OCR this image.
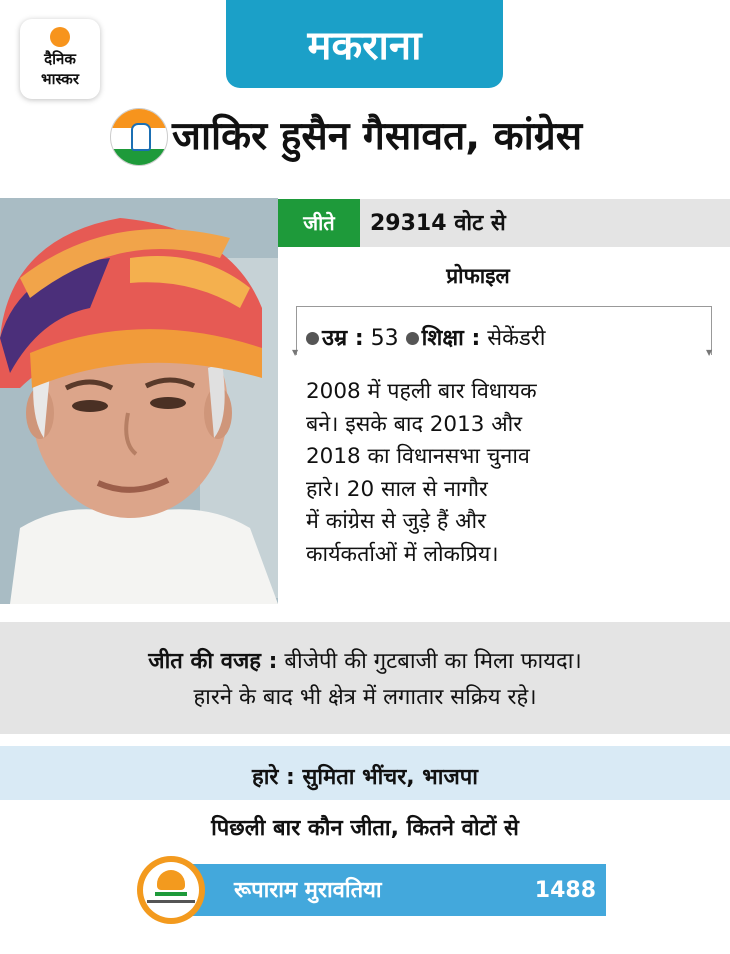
दैनिक
भास्कर
मकराना
जाकिर हुसैन गैसावत, कांग्रेस
जीते	29314 वोट से
प्रोफाइल
▼	▼
उम्र : 53 शिक्षा : सेकेंडरी
2008 में पहली बार विधायक
बने। इसके बाद 2013 और
2018 का विधानसभा चुनाव
हारे। 20 साल से नागौर
में कांग्रेस से जुड़े हैं और
कार्यकर्ताओं में लोकप्रिय।
जीत की वजह : बीजेपी की गुटबाजी का मिला फायदा।
हारने के बाद भी क्षेत्र में लगातार सक्रिय रहे।
हारे : सुमिता भींचर, भाजपा
पिछली बार कौन जीता, कितने वोटों से
रूपाराम मुरावतिया	1488
